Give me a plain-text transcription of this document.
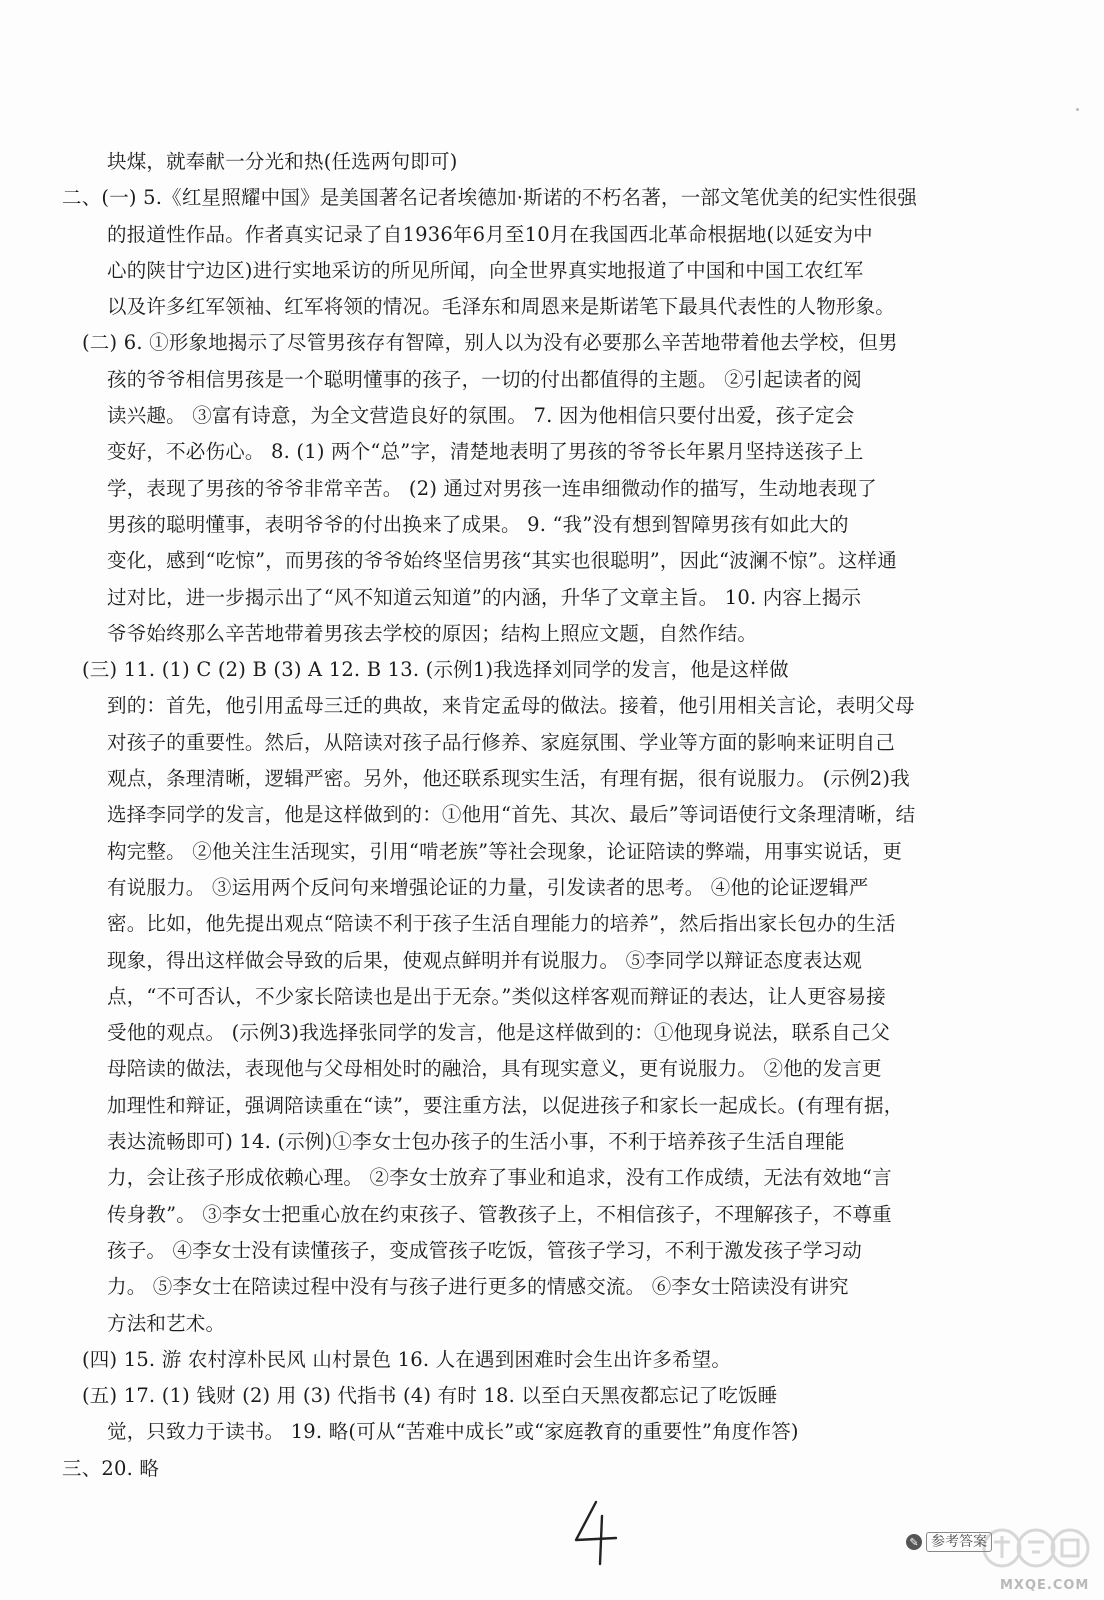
块煤，就奉献一分光和热(任选两句即可)
二、(一) 5.《红星照耀中国》是美国著名记者埃德加·斯诺的不朽名著，一部文笔优美的纪实性很强
的报道性作品。作者真实记录了自1936年6月至10月在我国西北革命根据地(以延安为中
心的陕甘宁边区)进行实地采访的所见所闻，向全世界真实地报道了中国和中国工农红军
以及许多红军领袖、红军将领的情况。毛泽东和周恩来是斯诺笔下最具代表性的人物形象。
(二) 6. ①形象地揭示了尽管男孩存有智障，别人以为没有必要那么辛苦地带着他去学校，但男
孩的爷爷相信男孩是一个聪明懂事的孩子，一切的付出都值得的主题。 ②引起读者的阅
读兴趣。 ③富有诗意，为全文营造良好的氛围。 7. 因为他相信只要付出爱，孩子定会
变好，不必伤心。 8. (1) 两个“总”字，清楚地表明了男孩的爷爷长年累月坚持送孩子上
学，表现了男孩的爷爷非常辛苦。 (2) 通过对男孩一连串细微动作的描写，生动地表现了
男孩的聪明懂事，表明爷爷的付出换来了成果。 9. “我”没有想到智障男孩有如此大的
变化，感到“吃惊”，而男孩的爷爷始终坚信男孩“其实也很聪明”，因此“波澜不惊”。这样通
过对比，进一步揭示出了“风不知道云知道”的内涵，升华了文章主旨。 10. 内容上揭示
爷爷始终那么辛苦地带着男孩去学校的原因；结构上照应文题，自然作结。
(三) 11. (1) C (2) B (3) A 12. B 13. (示例1)我选择刘同学的发言，他是这样做
到的：首先，他引用孟母三迁的典故，来肯定孟母的做法。接着，他引用相关言论，表明父母
对孩子的重要性。然后，从陪读对孩子品行修养、家庭氛围、学业等方面的影响来证明自己
观点，条理清晰，逻辑严密。另外，他还联系现实生活，有理有据，很有说服力。 (示例2)我
选择李同学的发言，他是这样做到的：①他用“首先、其次、最后”等词语使行文条理清晰，结
构完整。 ②他关注生活现实，引用“啃老族”等社会现象，论证陪读的弊端，用事实说话，更
有说服力。 ③运用两个反问句来增强论证的力量，引发读者的思考。 ④他的论证逻辑严
密。比如，他先提出观点“陪读不利于孩子生活自理能力的培养”，然后指出家长包办的生活
现象，得出这样做会导致的后果，使观点鲜明并有说服力。 ⑤李同学以辩证态度表达观
点，“不可否认，不少家长陪读也是出于无奈。”类似这样客观而辩证的表达，让人更容易接
受他的观点。 (示例3)我选择张同学的发言，他是这样做到的：①他现身说法，联系自己父
母陪读的做法，表现他与父母相处时的融洽，具有现实意义，更有说服力。 ②他的发言更
加理性和辩证，强调陪读重在“读”，要注重方法，以促进孩子和家长一起成长。(有理有据，
表达流畅即可) 14. (示例)①李女士包办孩子的生活小事，不利于培养孩子生活自理能
力，会让孩子形成依赖心理。 ②李女士放弃了事业和追求，没有工作成绩，无法有效地“言
传身教”。 ③李女士把重心放在约束孩子、管教孩子上，不相信孩子，不理解孩子，不尊重
孩子。 ④李女士没有读懂孩子，变成管孩子吃饭，管孩子学习，不利于激发孩子学习动
力。 ⑤李女士在陪读过程中没有与孩子进行更多的情感交流。 ⑥李女士陪读没有讲究
方法和艺术。
(四) 15. 游 农村淳朴民风 山村景色 16. 人在遇到困难时会生出许多希望。
(五) 17. (1) 钱财 (2) 用 (3) 代指书 (4) 有时 18. 以至白天黑夜都忘记了吃饭睡
觉，只致力于读书。 19. 略(可从“苦难中成长”或“家庭教育的重要性”角度作答)
三、20. 略
✎ 参考答案
MXQE.COM
